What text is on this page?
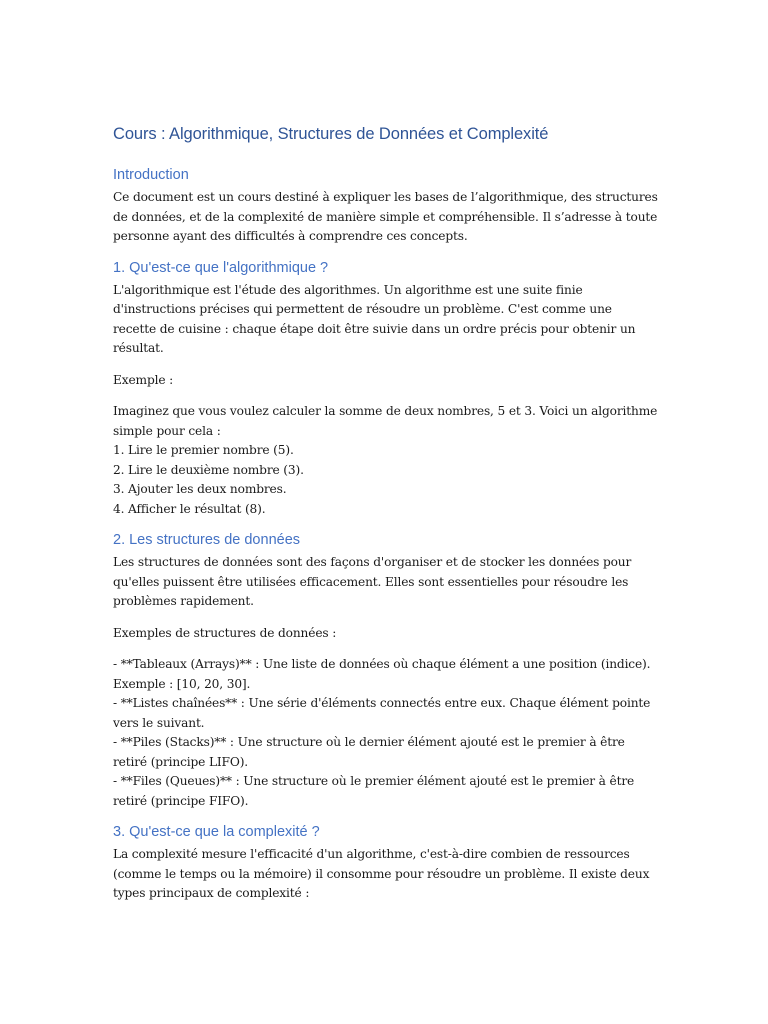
Cours : Algorithmique, Structures de Données et Complexité
Introduction
Ce document est un cours destiné à expliquer les bases de l’algorithmique, des structures de données, et de la complexité de manière simple et compréhensible. Il s’adresse à toute personne ayant des difficultés à comprendre ces concepts.
1. Qu'est-ce que l'algorithmique ?
L'algorithmique est l'étude des algorithmes. Un algorithme est une suite finie d'instructions précises qui permettent de résoudre un problème. C'est comme une recette de cuisine : chaque étape doit être suivie dans un ordre précis pour obtenir un résultat.
Exemple :
Imaginez que vous voulez calculer la somme de deux nombres, 5 et 3. Voici un algorithme simple pour cela :
1. Lire le premier nombre (5).
2. Lire le deuxième nombre (3).
3. Ajouter les deux nombres.
4. Afficher le résultat (8).
2. Les structures de données
Les structures de données sont des façons d'organiser et de stocker les données pour qu'elles puissent être utilisées efficacement. Elles sont essentielles pour résoudre les problèmes rapidement.
Exemples de structures de données :
- **Tableaux (Arrays)** : Une liste de données où chaque élément a une position (indice). Exemple : [10, 20, 30].
- **Listes chaînées** : Une série d'éléments connectés entre eux. Chaque élément pointe vers le suivant.
- **Piles (Stacks)** : Une structure où le dernier élément ajouté est le premier à être retiré (principe LIFO).
- **Files (Queues)** : Une structure où le premier élément ajouté est le premier à être retiré (principe FIFO).
3. Qu'est-ce que la complexité ?
La complexité mesure l'efficacité d'un algorithme, c'est-à-dire combien de ressources (comme le temps ou la mémoire) il consomme pour résoudre un problème. Il existe deux types principaux de complexité :
